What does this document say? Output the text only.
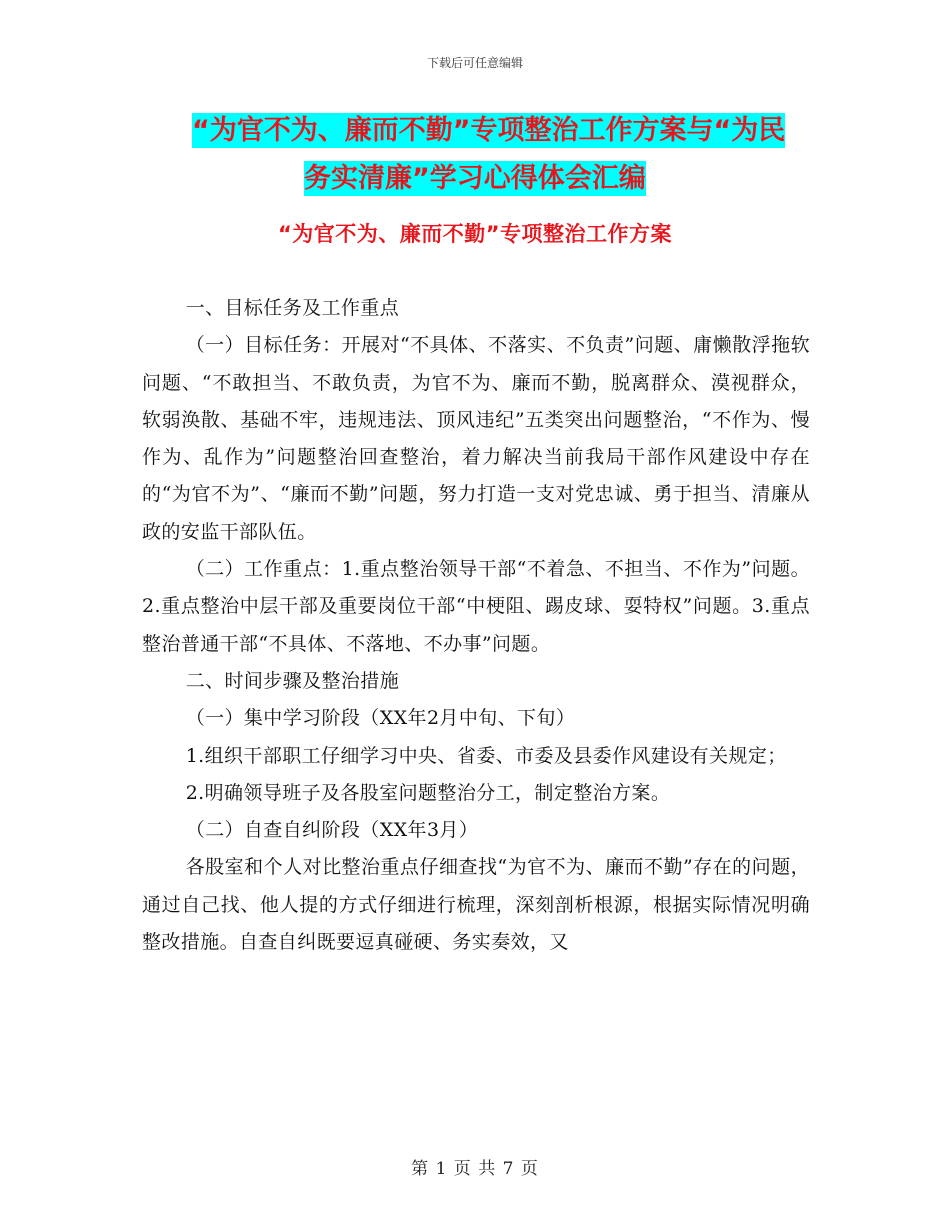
下载后可任意编辑
“为官不为、廉而不勤”专项整治工作方案与“为民
务实清廉”学习心得体会汇编
“为官不为、廉而不勤”专项整治工作方案

一、目标任务及工作重点

（一）目标任务：开展对“不具体、不落实、不负责”问题、庸懒散浮拖软问题、“不敢担当、不敢负责，为官不为、廉而不勤，脱离群众、漠视群众，软弱涣散、基础不牢，违规违法、顶风违纪”五类突出问题整治，“不作为、慢作为、乱作为”问题整治回查整治，着力解决当前我局干部作风建设中存在的“为官不为”、“廉而不勤”问题，努力打造一支对党忠诚、勇于担当、清廉从政的安监干部队伍。

（二）工作重点：1.重点整治领导干部“不着急、不担当、不作为”问题。2.重点整治中层干部及重要岗位干部“中梗阻、踢皮球、耍特权”问题。3.重点整治普通干部“不具体、不落地、不办事”问题。

二、时间步骤及整治措施

（一）集中学习阶段（XX年2月中旬、下旬）

1.组织干部职工仔细学习中央、省委、市委及县委作风建设有关规定；

2.明确领导班子及各股室问题整治分工，制定整治方案。

（二）自查自纠阶段（XX年3月）

各股室和个人对比整治重点仔细查找“为官不为、廉而不勤”存在的问题，通过自己找、他人提的方式仔细进行梳理，深刻剖析根源，根据实际情况明确整改措施。自查自纠既要逗真碰硬、务实奏效，又

第 1 页 共 7 页
